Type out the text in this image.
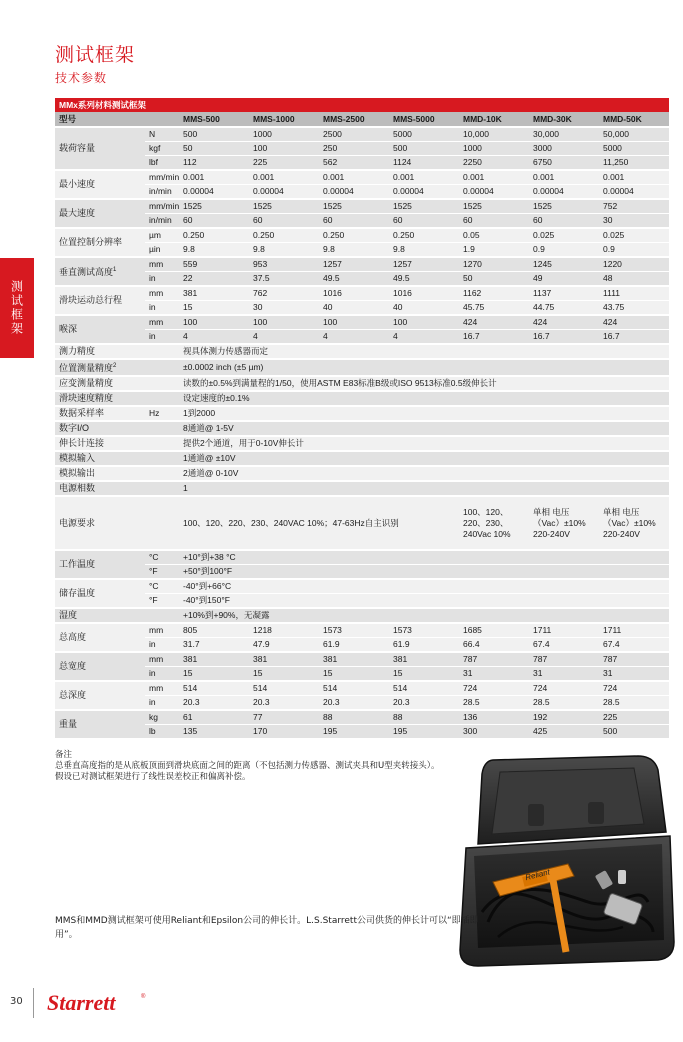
测试框架
技术参数
测试框架
MMx系列材料测试框架								
型号		MMS-500	MMS-1000	MMS-2500	MMS-5000	MMD-10K	MMD-30K	MMD-50K
载荷容量	N	500	1000	2500	5000	10,000	30,000	50,000
	kgf	50	100	250	500	1000	3000	5000
	lbf	112	225	562	1124	2250	6750	11,250
最小速度	mm/min	0.001	0.001	0.001	0.001	0.001	0.001	0.001
	in/min	0.00004	0.00004	0.00004	0.00004	0.00004	0.00004	0.00004
最大速度	mm/min	1525	1525	1525	1525	1525	1525	752
	in/min	60	60	60	60	60	60	30
位置控制分辨率	µm	0.250	0.250	0.250	0.250	0.05	0.025	0.025
	µin	9.8	9.8	9.8	9.8	1.9	0.9	0.9
垂直测试高度$^1$	mm	559	953	1257	1257	1270	1245	1220
	in	22	37.5	49.5	49.5	50	49	48
滑块运动总行程	mm	381	762	1016	1016	1162	1137	1111
	in	15	30	40	40	45.75	44.75	43.75
喉深	mm	100	100	100	100	424	424	424
	in	4	4	4	4	16.7	16.7	16.7
测力精度		视具体测力传感器而定						
位置测量精度$^2$		±0.0002 inch (±5 µm)						
应变测量精度		读数的±0.5%到满量程的1/50，使用ASTM E83标准B级或ISO 9513标准0.5级伸长计						
滑块速度精度		设定速度的±0.1%						
数据采样率	Hz	1到2000						
数字I/O		8通道@ 1-5V						
伸长计连接		提供2个通道，用于0-10V伸长计						
模拟输入		1通道@ ±10V						
模拟输出		2通道@ 0-10V						
电源相数		1						
电源要求		100、120、220、230、240VAC 10%；47-63Hz自主识别				100、120、220、230、240Vac 10%	单相 电压（Vac）±10% 220-240V	单相 电压（Vac）±10% 220-240V
工作温度	°C	+10°到+38 °C						
	°F	+50°到100°F						
储存温度	°C	-40°到+66°C						
	°F	-40°到150°F						
湿度		+10%到+90%，无凝露						
总高度	mm	805	1218	1573	1573	1685	1711	1711
	in	31.7	47.9	61.9	61.9	66.4	67.4	67.4
总宽度	mm	381	381	381	381	787	787	787
	in	15	15	15	15	31	31	31
总深度	mm	514	514	514	514	724	724	724
	in	20.3	20.3	20.3	20.3	28.5	28.5	28.5
重量	kg	61	77	88	88	136	192	225
	lb	135	170	195	195	300	425	500
备注
总垂直高度指的是从底板顶面到滑块底面之间的距离（不包括测力传感器、测试夹具和U型夹转接头）。
假设已对测试框架进行了线性误差校正和偏离补偿。
Reliant
MMS和MMD测试框架可使用Reliant和Epsilon公司的伸长计。L.S.Starrett公司供货的伸长计可以“即插即用”。
30 Starrett	®
